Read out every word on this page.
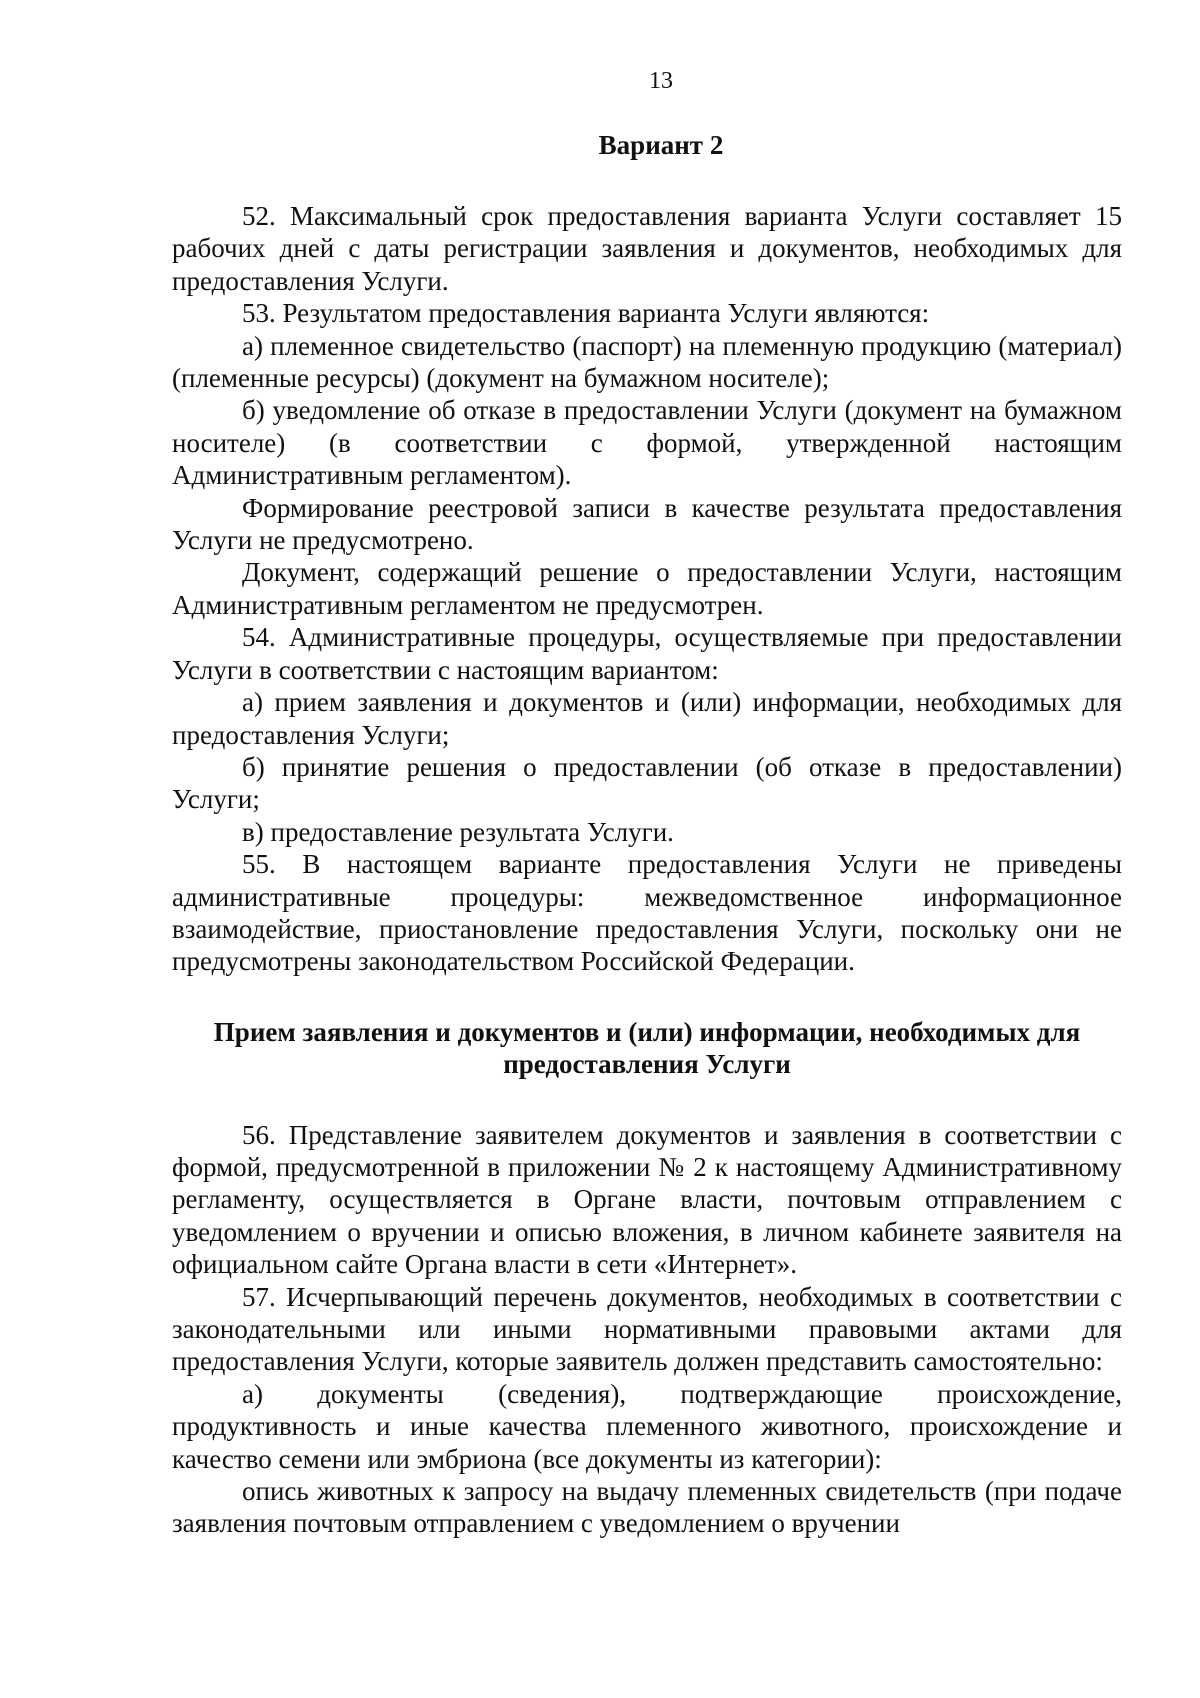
13
Вариант 2

52. Максимальный срок предоставления варианта Услуги составляет 15 рабочих дней с даты регистрации заявления и документов, необходимых для предоставления Услуги.

53. Результатом предоставления варианта Услуги являются:

а) племенное свидетельство (паспорт) на племенную продукцию (материал) (племенные ресурсы) (документ на бумажном носителе);

б) уведомление об отказе в предоставлении Услуги (документ на бумажном носителе) (в соответствии с формой, утвержденной настоящим Административным регламентом).

Формирование реестровой записи в качестве результата предоставления Услуги не предусмотрено.

Документ, содержащий решение о предоставлении Услуги, настоящим Административным регламентом не предусмотрен.

54. Административные процедуры, осуществляемые при предоставлении Услуги в соответствии с настоящим вариантом:

а) прием заявления и документов и (или) информации, необходимых для предоставления Услуги;

б) принятие решения о предоставлении (об отказе в предоставлении) Услуги;

в) предоставление результата Услуги.

55. В настоящем варианте предоставления Услуги не приведены административные процедуры: межведомственное информационное взаимодействие, приостановление предоставления Услуги, поскольку они не предусмотрены законодательством Российской Федерации.

Прием заявления и документов и (или) информации, необходимых для предоставления Услуги

56. Представление заявителем документов и заявления в соответствии с формой, предусмотренной в приложении № 2 к настоящему Административному регламенту, осуществляется в Органе власти, почтовым отправлением с уведомлением о вручении и описью вложения, в личном кабинете заявителя на официальном сайте Органа власти в сети «Интернет».

57. Исчерпывающий перечень документов, необходимых в соответствии с законодательными или иными нормативными правовыми актами для предоставления Услуги, которые заявитель должен представить самостоятельно:

а) документы (сведения), подтверждающие происхождение, продуктивность и иные качества племенного животного, происхождение и качество семени или эмбриона (все документы из категории):

опись животных к запросу на выдачу племенных свидетельств (при подаче заявления почтовым отправлением с уведомлением о вручении
